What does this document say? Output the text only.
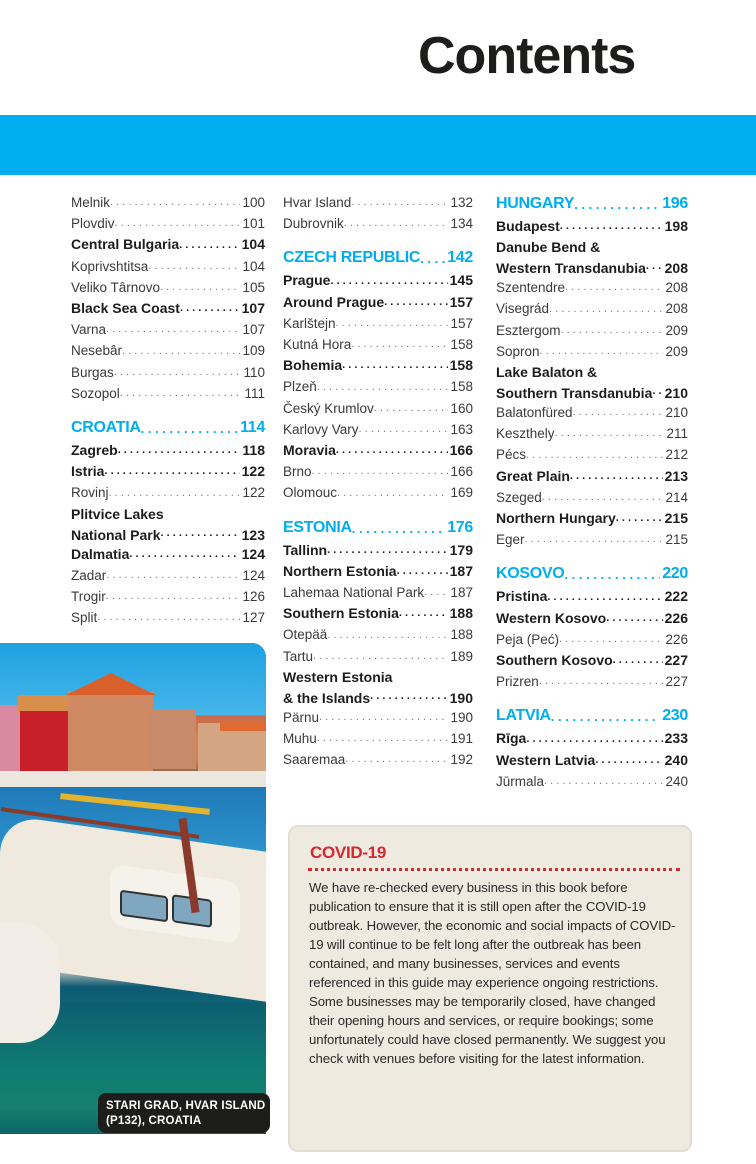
Contents
Melnik . . .	100
Plovdiv . . .	101
Central Bulgaria . . .	104
Koprivshtitsa . . .	104
Veliko Târnovo . . .	105
Black Sea Coast . . .	107
Varna . . .	107
Nesebâr . . .	109
Burgas . . .	110
Sozopol . . .	111
CROATIA . . .	114
Zagreb . . .	118
Istria . . .	122
Rovinj . . .	122
Plitvice Lakes
National Park . . .	123
Dalmatia . . .	124
Zadar . . .	124
Trogir . . .	126
Split . . .	127
Hvar Island . . .	132
Dubrovnik . . .	134
CZECH REPUBLIC . . . 142
Prague . . .	145
Around Prague . . .	157
Karlštejn . . .	157
Kutná Hora . . .	158
Bohemia . . .	158
Plzeň . . .	158
Český Krumlov . . .	160
Karlovy Vary . . .	163
Moravia . . .	166
Brno . . .	166
Olomouc . . .	169
ESTONIA . . .	176
Tallinn . . .	179
Northern Estonia . . .	187
Lahemaa National Park . . . 187
Southern Estonia . . .	188
Otepää . . .	188
Tartu . . .	189
Western Estonia
& the Islands . . .	190
Pärnu . . .	190
Muhu . . .	191
Saaremaa . . .	192
HUNGARY . . .	196
Budapest . . .	198
Danube Bend &
Western Transdanubia . . . 208
Szentendre . . .	208
Visegrád . . .	208
Esztergom . . .	209
Sopron . . .	209
Lake Balaton &
Southern Transdanubia . . . 210
Balatonfüred . . .	210
Keszthely . . .	211
Pécs . . .	212
Great Plain . . .	213
Szeged . . .	214
Northern Hungary . . .	215
Eger . . .	215
KOSOVO . . .	220
Pristina . . .	222
Western Kosovo . . .	226
Peja (Peć) . . .	226
Southern Kosovo . . .	227
Prizren . . .	227
LATVIA . . .	230
Rīga . . .	233
Western Latvia . . .	240
Jūrmala . . .	240
STARI GRAD, HVAR ISLAND
(P132), CROATIA
COVID-19
We have re-checked every business in this book before publication to ensure that it is still open after the COVID-19 outbreak. However, the economic and social impacts of COVID-19 will continue to be felt long after the outbreak has been contained, and many businesses, services and events referenced in this guide may experience ongoing restrictions. Some businesses may be temporarily closed, have changed their opening hours and services, or require bookings; some unfortunately could have closed permanently. We suggest you check with venues before visiting for the latest information.
